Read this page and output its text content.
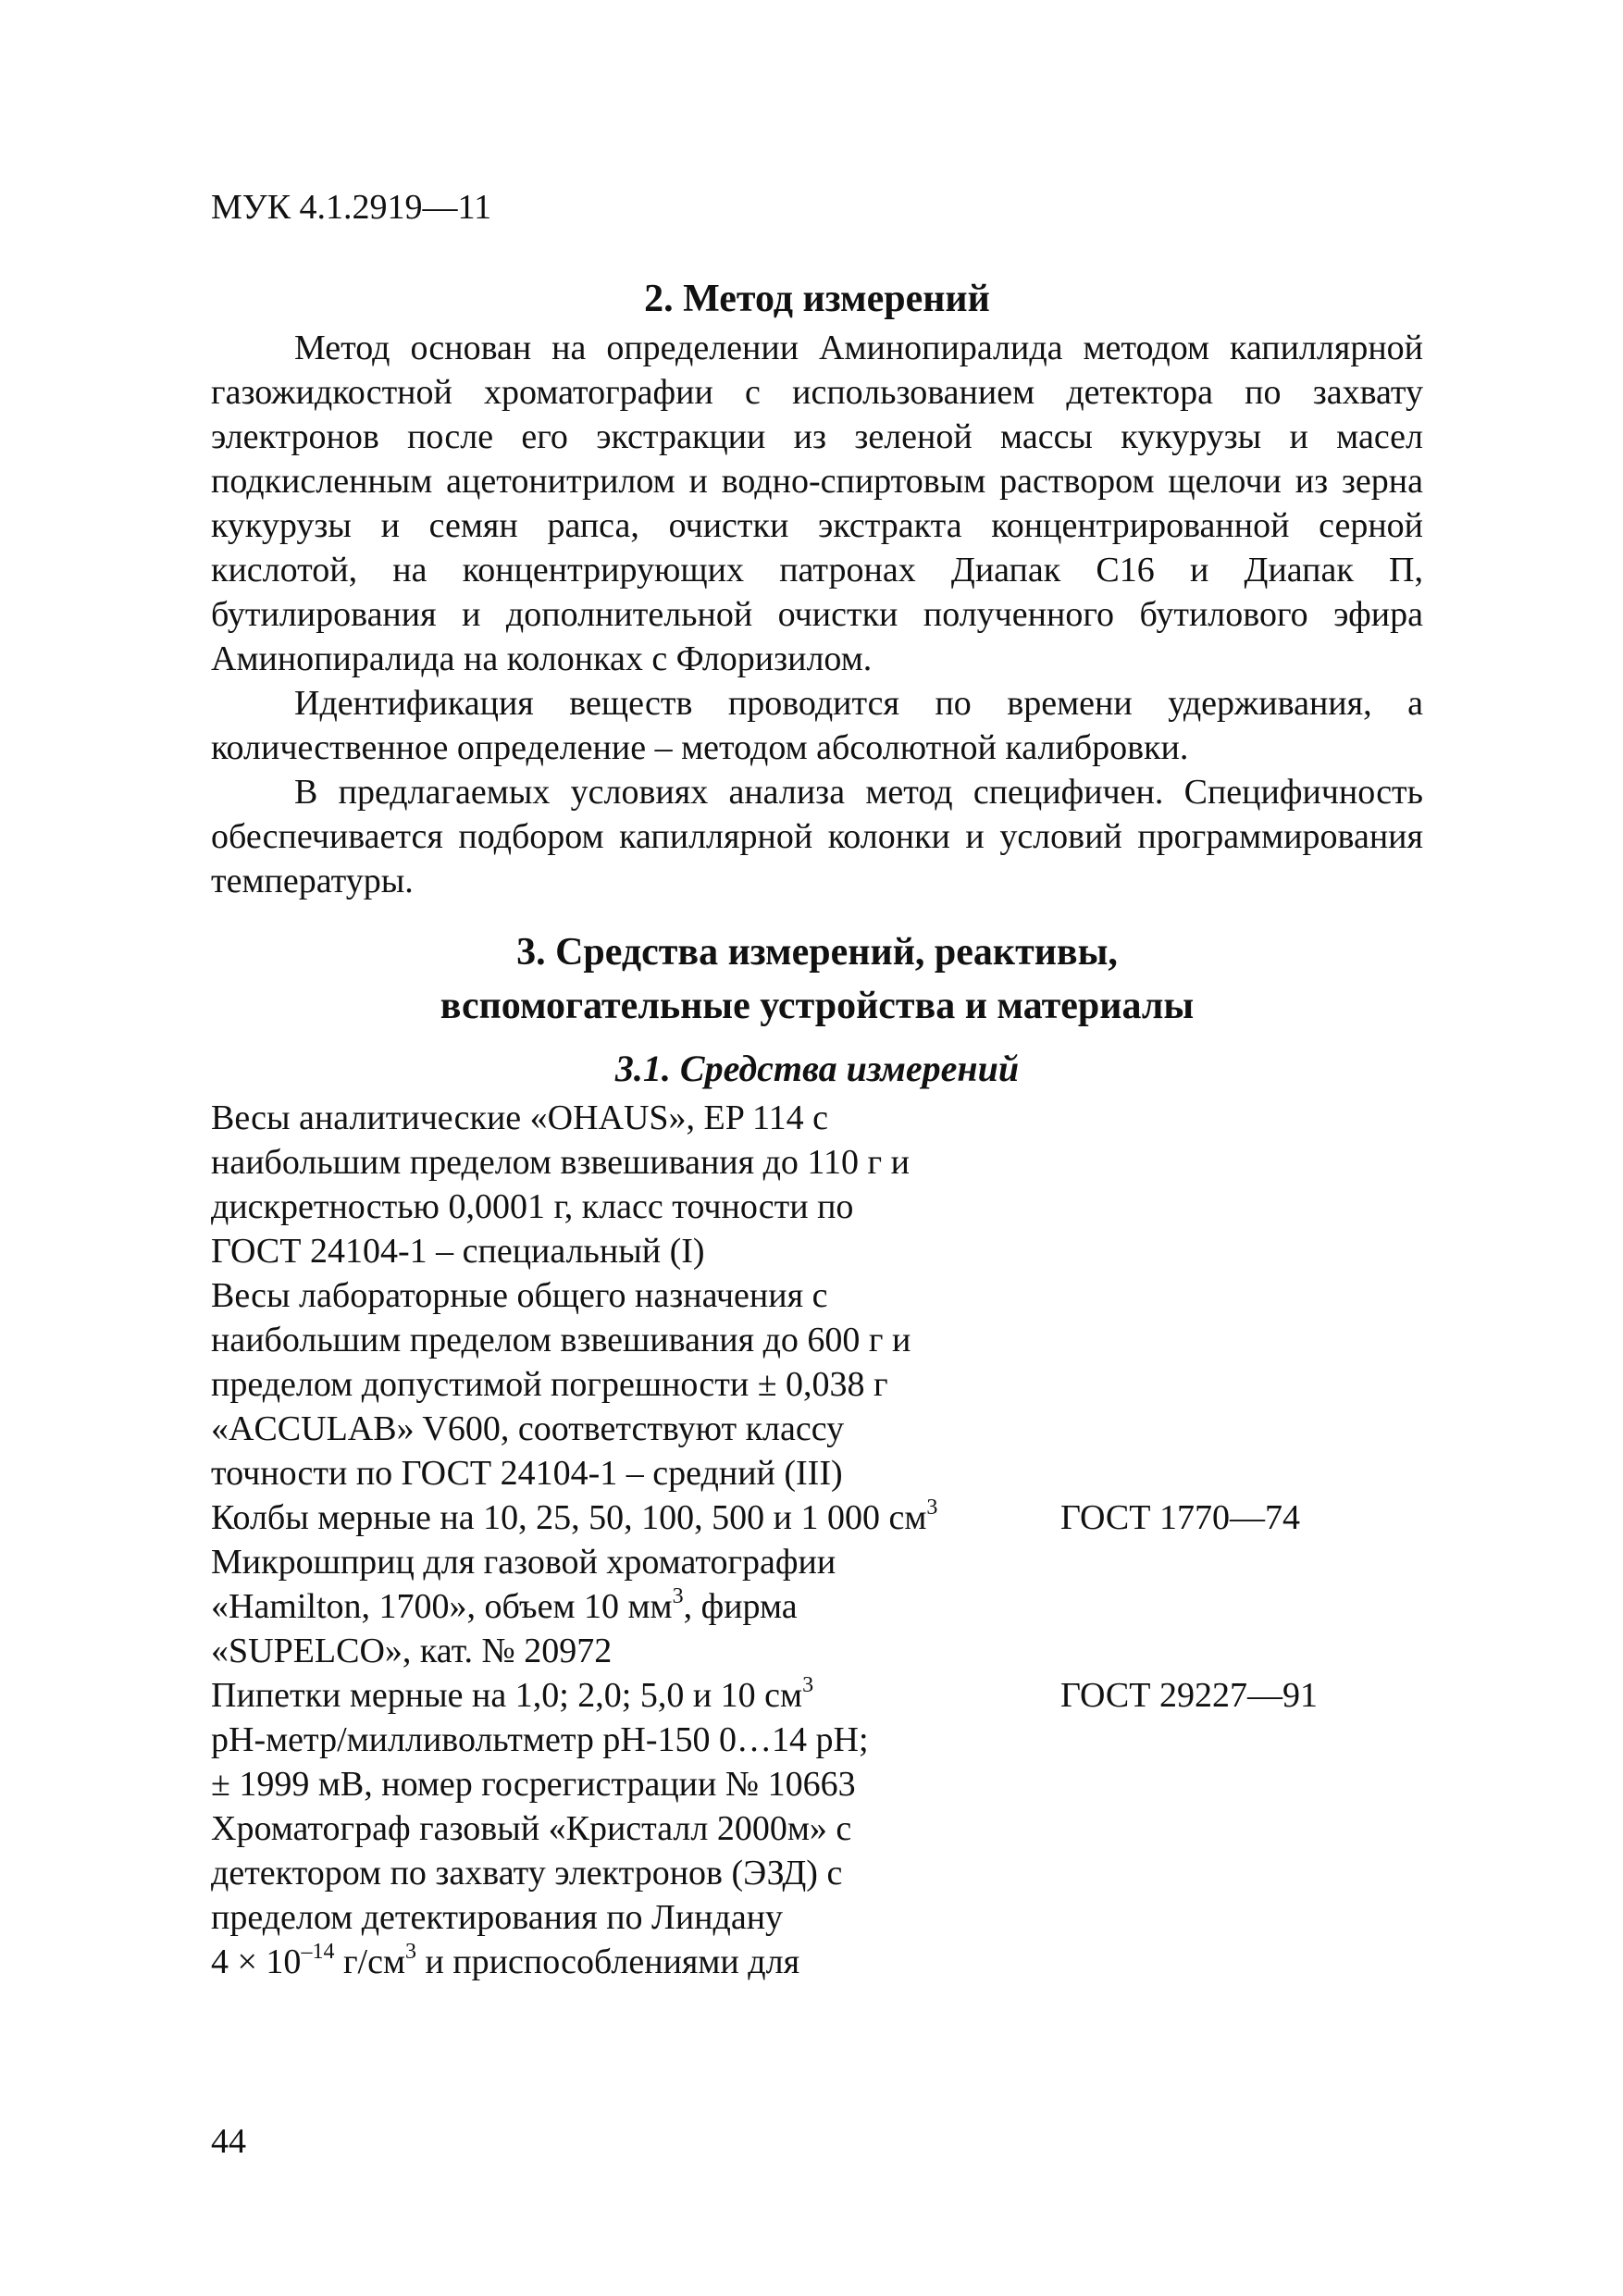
МУК 4.1.2919—11
2. Метод измерений

Метод основан на определении Аминопиралида методом капиллярной газожидкостной хроматографии с использованием детектора по захвату электронов после его экстракции из зеленой массы кукурузы и масел подкисленным ацетонитрилом и водно-спиртовым раствором щелочи из зерна кукурузы и семян рапса, очистки экстракта концентрированной серной кислотой, на концентрирующих патронах Диапак С16 и Диапак П, бутилирования и дополнительной очистки полученного бутилового эфира Аминопиралида на колонках с Флоризилом.

Идентификация веществ проводится по времени удерживания, а количественное определение – методом абсолютной калибровки.

В предлагаемых условиях анализа метод специфичен. Специфичность обеспечивается подбором капиллярной колонки и условий программирования температуры.

3. Средства измерений, реактивы,
вспомогательные устройства и материалы
3.1. Средства измерений
Весы аналитические «OHAUS», EP 114 с
наибольшим пределом взвешивания до 110 г и
дискретностью 0,0001 г, класс точности по
ГОСТ 24104-1 – специальный (I)
Весы лабораторные общего назначения с
наибольшим пределом взвешивания до 600 г и
пределом допустимой погрешности ± 0,038 г
«ACCULAB» V600, соответствуют классу
точности по ГОСТ 24104-1 – средний (III)
Колбы мерные на 10, 25, 50, 100, 500 и 1 000 $см^3$	ГОСТ 1770—74
Микрошприц для газовой хроматографии
«Hamilton, 1700», объем 10 $мм^3$, фирма
«SUPELCO», кат. № 20972
Пипетки мерные на 1,0; 2,0; 5,0 и 10 $см^3$	ГОСТ 29227—91
рН-метр/милливольтметр рН-150 0…14 рН;
± 1999 мВ, номер госрегистрации № 10663
Хроматограф газовый «Кристалл 2000м» с
детектором по захвату электронов (ЭЗД) с
пределом детектирования по Линдану
$4 \times 10^{-14}$ $г/см^3$ и приспособлениями для
44
